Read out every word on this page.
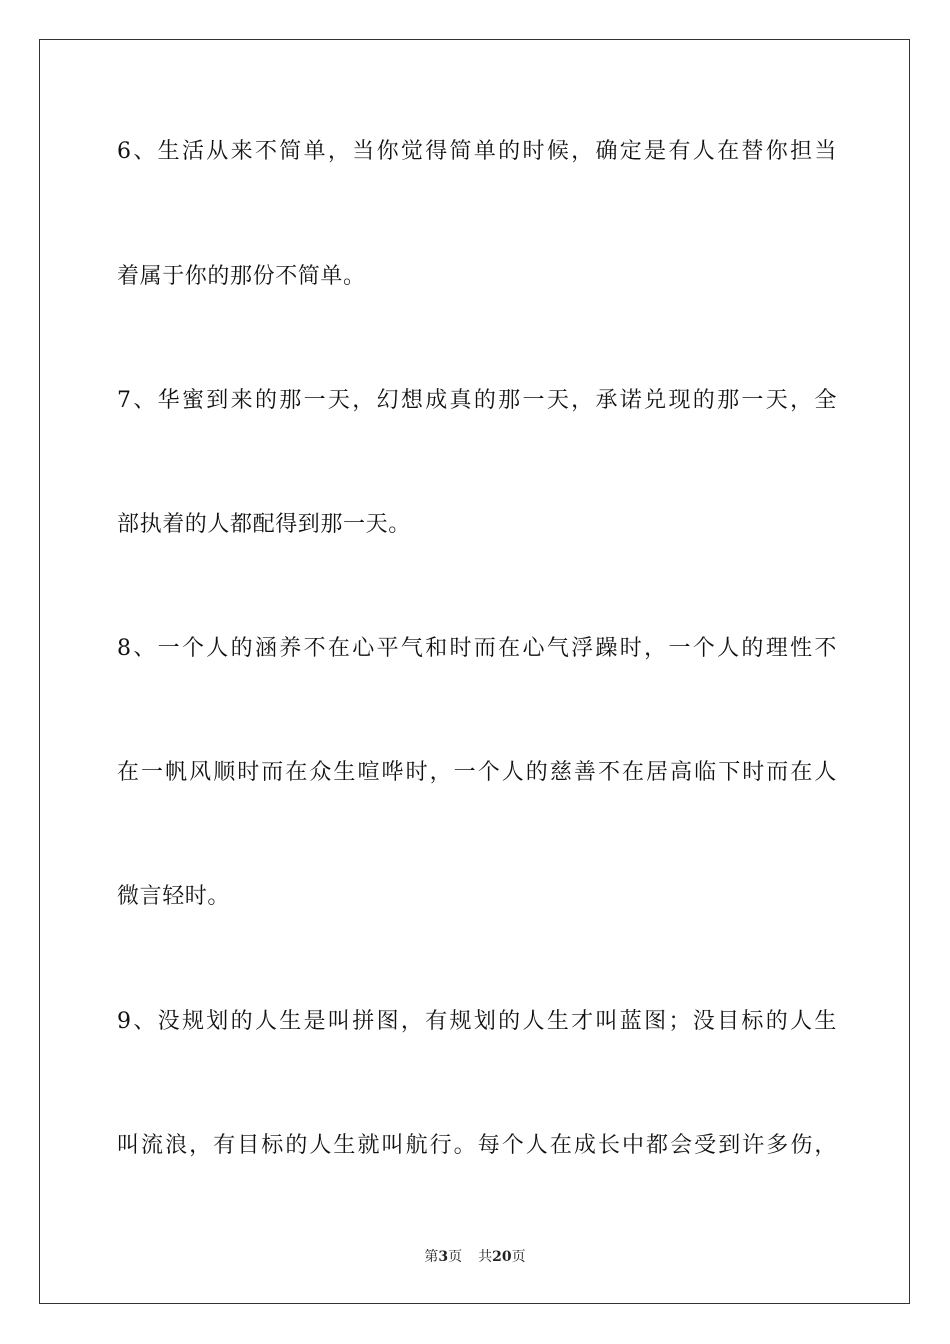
6、生活从来不简单，当你觉得简单的时候，确定是有人在替你担当
着属于你的那份不简单。
7、华蜜到来的那一天，幻想成真的那一天，承诺兑现的那一天，全
部执着的人都配得到那一天。
8、一个人的涵养不在心平气和时而在心气浮躁时，一个人的理性不
在一帆风顺时而在众生喧哗时，一个人的慈善不在居高临下时而在人
微言轻时。
9、没规划的人生是叫拼图，有规划的人生才叫蓝图；没目标的人生
叫流浪，有目标的人生就叫航行。每个人在成长中都会受到许多伤，
第3页 共20页
